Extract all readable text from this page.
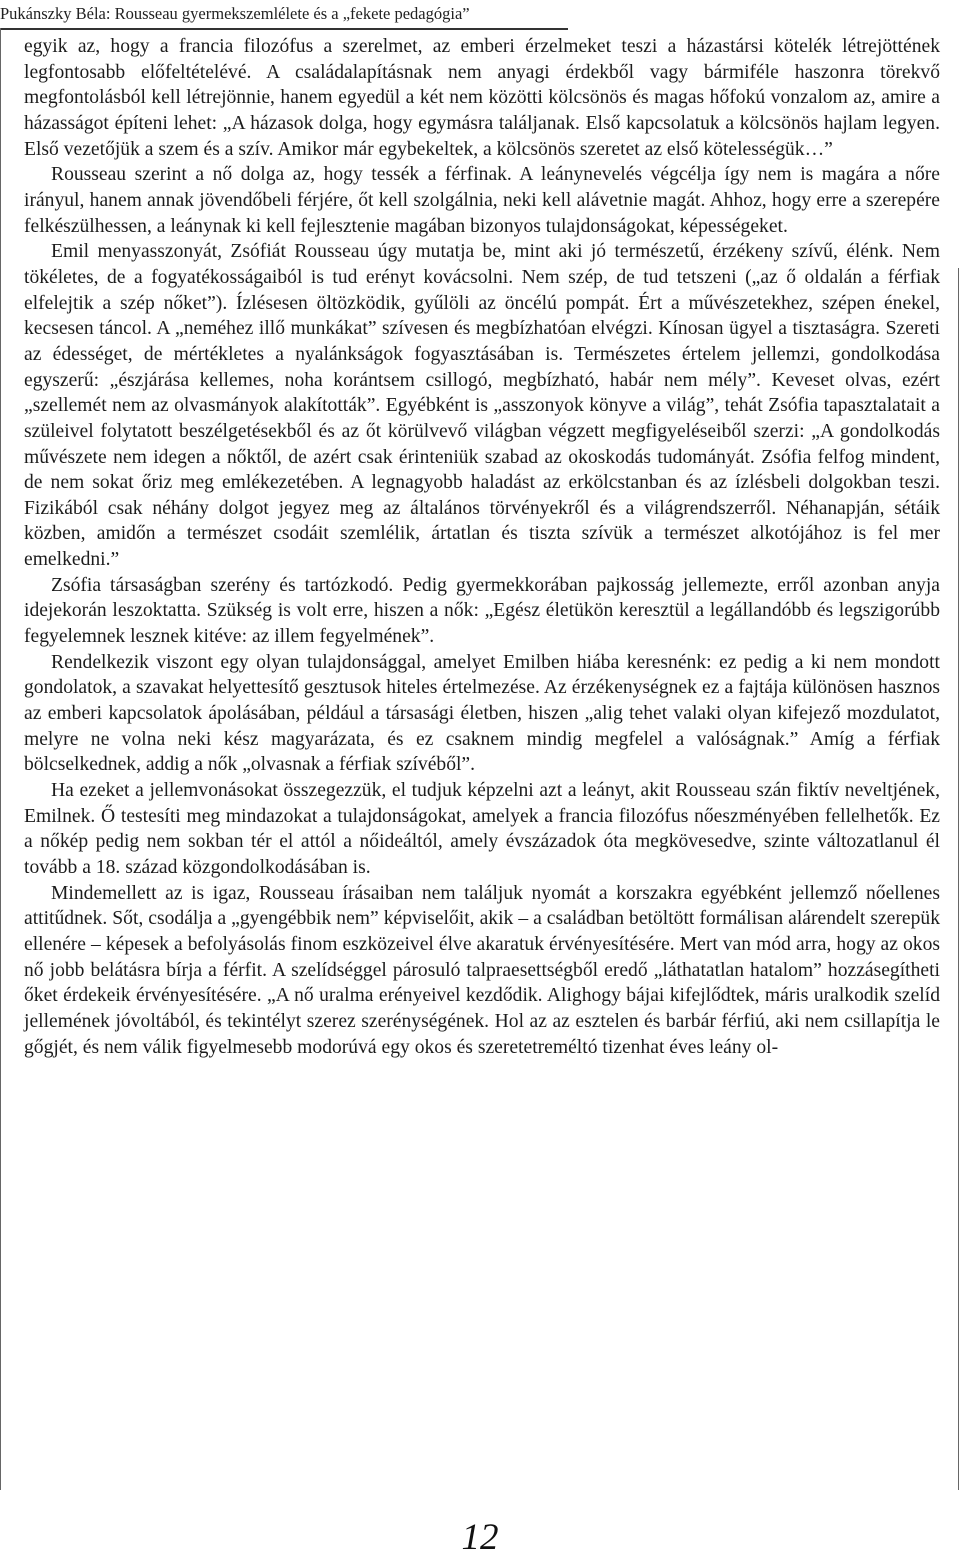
Pukánszky Béla: Rousseau gyermekszemlélete és a „fekete pedagógia”

egyik az, hogy a francia filozófus a szerelmet, az emberi érzelmeket teszi a házastársi kötelék létrejöttének legfontosabb előfeltételévé. A családalapításnak nem anyagi érdekből vagy bármiféle haszonra törekvő megfontolásból kell létrejönnie, hanem egyedül a két nem közötti kölcsönös és magas hőfokú vonzalom az, amire a házasságot építeni lehet: „A házasok dolga, hogy egymásra találjanak. Első kapcsolatuk a kölcsönös hajlam legyen. Első vezetőjük a szem és a szív. Amikor már egybekeltek, a kölcsönös szeretet az első kötelességük…”

Rousseau szerint a nő dolga az, hogy tessék a férfinak. A leánynevelés végcélja így nem is magára a nőre irányul, hanem annak jövendőbeli férjére, őt kell szolgálnia, neki kell alávetnie magát. Ahhoz, hogy erre a szerepére felkészülhessen, a leánynak ki kell fejlesztenie magában bizonyos tulajdonságokat, képességeket.

Emil menyasszonyát, Zsófiát Rousseau úgy mutatja be, mint aki jó természetű, érzékeny szívű, élénk. Nem tökéletes, de a fogyatékosságaiból is tud erényt kovácsolni. Nem szép, de tud tetszeni („az ő oldalán a férfiak elfelejtik a szép nőket”). Ízlésesen öltözködik, gyűlöli az öncélú pompát. Ért a művészetekhez, szépen énekel, kecsesen táncol. A „neméhez illő munkákat” szívesen és megbízhatóan elvégzi. Kínosan ügyel a tisztaságra. Szereti az édességet, de mértékletes a nyalánkságok fogyasztásában is. Természetes értelem jellemzi, gondolkodása egyszerű: „észjárása kellemes, noha korántsem csillogó, megbízható, habár nem mély”. Keveset olvas, ezért „szellemét nem az olvasmányok alakították”. Egyébként is „asszonyok könyve a világ”, tehát Zsófia tapasztalatait a szüleivel folytatott beszélgetésekből és az őt körülvevő világban végzett megfigyeléseiből szerzi: „A gondolkodás művészete nem idegen a nőktől, de azért csak érinteniük szabad az okoskodás tudományát. Zsófia felfog mindent, de nem sokat őriz meg emlékezetében. A legnagyobb haladást az erkölcstanban és az ízlésbeli dolgokban teszi. Fizikából csak néhány dolgot jegyez meg az általános törvényekről és a világrendszerről. Néhanapján, sétáik közben, amidőn a természet csodáit szemlélik, ártatlan és tiszta szívük a természet alkotójához is fel mer emelkedni.”

Zsófia társaságban szerény és tartózkodó. Pedig gyermekkorában pajkosság jellemezte, erről azonban anyja idejekorán leszoktatta. Szükség is volt erre, hiszen a nők: „Egész életükön keresztül a legállandóbb és legszigorúbb fegyelemnek lesznek kitéve: az illem fegyelmének”.

Rendelkezik viszont egy olyan tulajdonsággal, amelyet Emilben hiába keresnénk: ez pedig a ki nem mondott gondolatok, a szavakat helyettesítő gesztusok hiteles értelmezése. Az érzékenységnek ez a fajtája különösen hasznos az emberi kapcsolatok ápolásában, például a társasági életben, hiszen „alig tehet valaki olyan kifejező mozdulatot, melyre ne volna neki kész magyarázata, és ez csaknem mindig megfelel a valóságnak.” Amíg a férfiak bölcselkednek, addig a nők „olvasnak a férfiak szívéből”.

Ha ezeket a jellemvonásokat összegezzük, el tudjuk képzelni azt a leányt, akit Rousseau szán fiktív neveltjének, Emilnek. Ő testesíti meg mindazokat a tulajdonságokat, amelyek a francia filozófus nőeszményében fellelhetők. Ez a nőkép pedig nem sokban tér el attól a nőideáltól, amely évszázadok óta megkövesedve, szinte változatlanul él tovább a 18. század közgondolkodásában is.

Mindemellett az is igaz, Rousseau írásaiban nem találjuk nyomát a korszakra egyébként jellemző nőellenes attitűdnek. Sőt, csodálja a „gyengébbik nem” képviselőit, akik – a családban betöltött formálisan alárendelt szerepük ellenére – képesek a befolyásolás finom eszközeivel élve akaratuk érvényesítésére. Mert van mód arra, hogy az okos nő jobb belátásra bírja a férfit. A szelídséggel párosuló talpraesettségből eredő „láthatatlan hatalom” hozzásegítheti őket érdekeik érvényesítésére. „A nő uralma erényeivel kezdődik. Alighogy bájai kifejlődtek, máris uralkodik szelíd jellemének jóvoltából, és tekintélyt szerez szerénységének. Hol az az esztelen és barbár férfiú, aki nem csillapítja le gőgjét, és nem válik figyelmesebb modorúvá egy okos és szeretetreméltó tizenhat éves leány ol-

12
